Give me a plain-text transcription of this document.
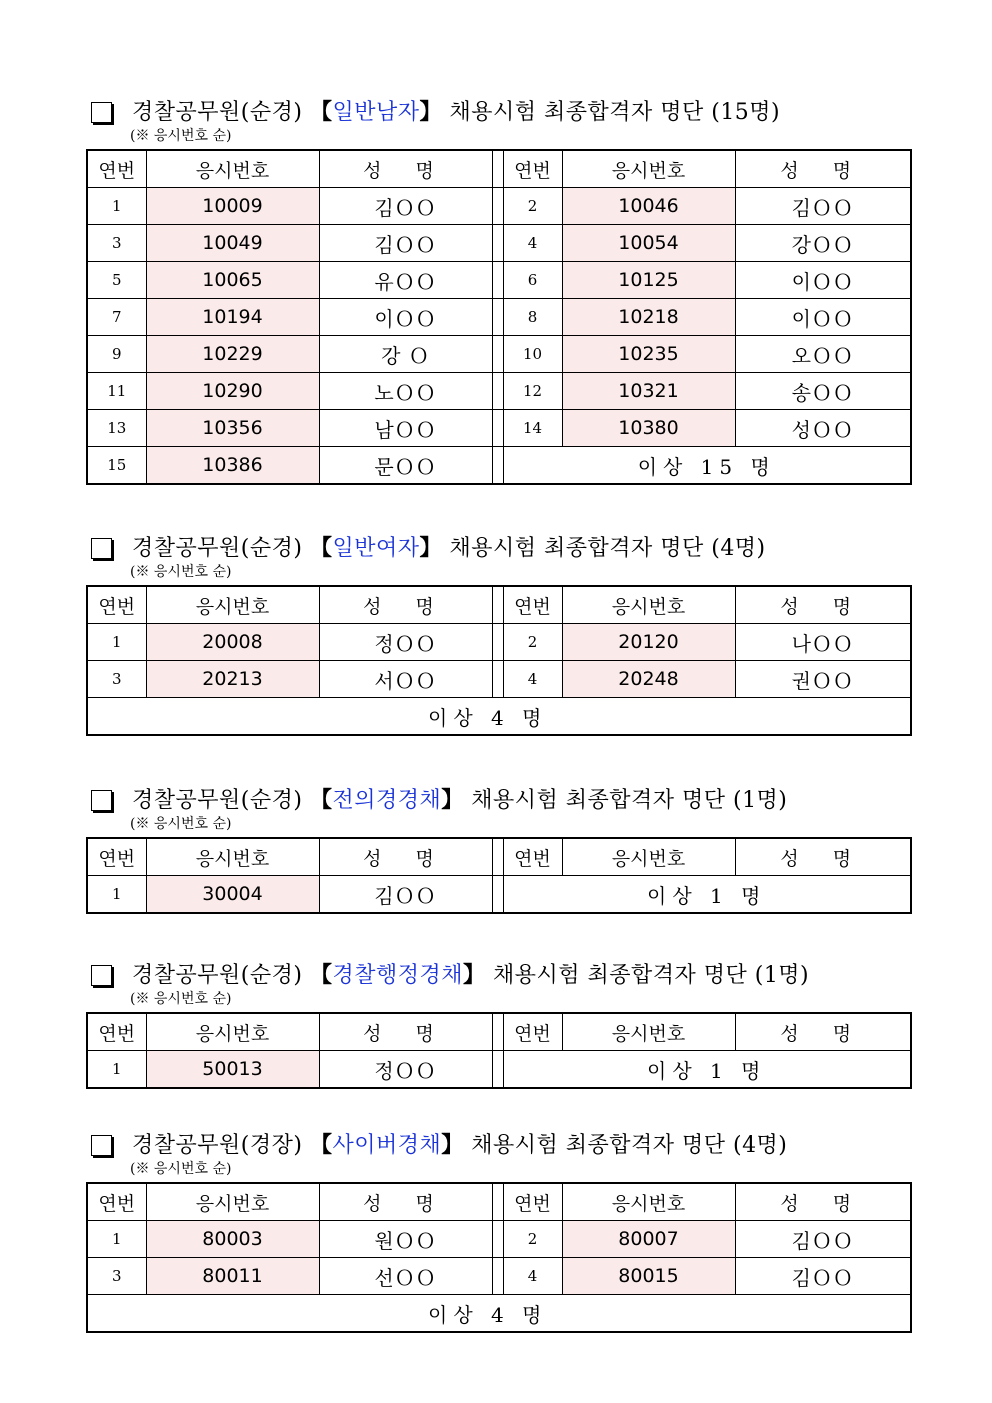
경찰공무원(순경) 【일반남자】 채용시험 최종합격자 명단 (15명)
(※ 응시번호 순)
연번	응시번호	성 명		연번	응시번호	성 명
1	10009	김ＯＯ		2	10046	김ＯＯ
3	10049	김ＯＯ		4	10054	강ＯＯ
5	10065	유ＯＯ		6	10125	이ＯＯ
7	10194	이ＯＯ		8	10218	이ＯＯ
9	10229	강 Ｏ		10	10235	오ＯＯ
11	10290	노ＯＯ		12	10321	송ＯＯ
13	10356	남ＯＯ		14	10380	성ＯＯ
15	10386	문ＯＯ		이상 15 명		
경찰공무원(순경) 【일반여자】 채용시험 최종합격자 명단 (4명)
(※ 응시번호 순)
연번	응시번호	성 명		연번	응시번호	성 명
1	20008	정ＯＯ		2	20120	나ＯＯ
3	20213	서ＯＯ		4	20248	권ＯＯ
이상 4 명						
경찰공무원(순경) 【전의경경채】 채용시험 최종합격자 명단 (1명)
(※ 응시번호 순)
연번	응시번호	성 명		연번	응시번호	성 명
1	30004	김ＯＯ		이상 1 명		
경찰공무원(순경) 【경찰행정경채】 채용시험 최종합격자 명단 (1명)
(※ 응시번호 순)
연번	응시번호	성 명		연번	응시번호	성 명
1	50013	정ＯＯ		이상 1 명		
경찰공무원(경장) 【사이버경채】 채용시험 최종합격자 명단 (4명)
(※ 응시번호 순)
연번	응시번호	성 명		연번	응시번호	성 명
1	80003	원ＯＯ		2	80007	김ＯＯ
3	80011	선ＯＯ		4	80015	김ＯＯ
이상 4 명						
